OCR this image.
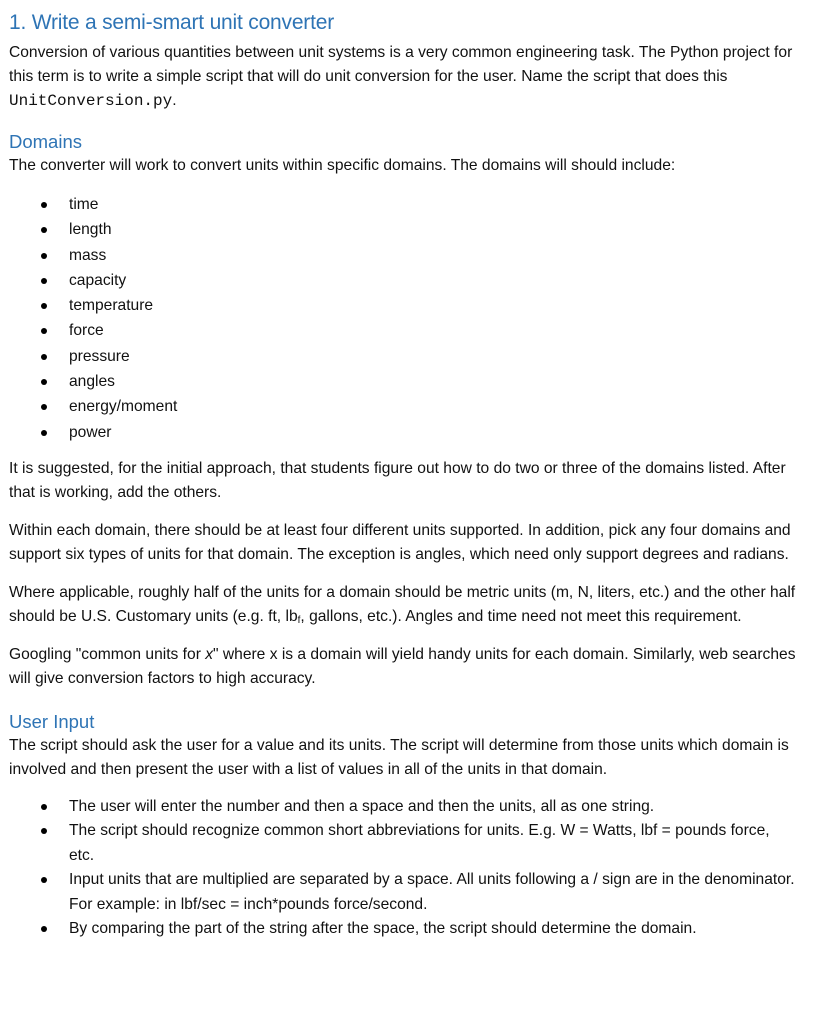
1. Write a semi-smart unit converter

Conversion of various quantities between unit systems is a very common engineering task. The Python project for this term is to write a simple script that will do unit conversion for the user. Name the script that does this UnitConversion.py.

Domains

The converter will work to convert units within specific domains. The domains will should include:

time
length
mass
capacity
temperature
force
pressure
angles
energy/moment
power

It is suggested, for the initial approach, that students figure out how to do two or three of the domains listed. After that is working, add the others.

Within each domain, there should be at least four different units supported. In addition, pick any four domains and support six types of units for that domain. The exception is angles, which need only support degrees and radians.

Where applicable, roughly half of the units for a domain should be metric units (m, N, liters, etc.) and the other half should be U.S. Customary units (e.g. ft, $lb_f$, gallons, etc.). Angles and time need not meet this requirement.

Googling "common units for x" where x is a domain will yield handy units for each domain. Similarly, web searches will give conversion factors to high accuracy.

User Input

The script should ask the user for a value and its units. The script will determine from those units which domain is involved and then present the user with a list of values in all of the units in that domain.

The user will enter the number and then a space and then the units, all as one string.
The script should recognize common short abbreviations for units. E.g. W = Watts, lbf = pounds force, etc.
Input units that are multiplied are separated by a space. All units following a / sign are in the denominator. For example: in lbf/sec = inch*pounds force/second.
By comparing the part of the string after the space, the script should determine the domain.
